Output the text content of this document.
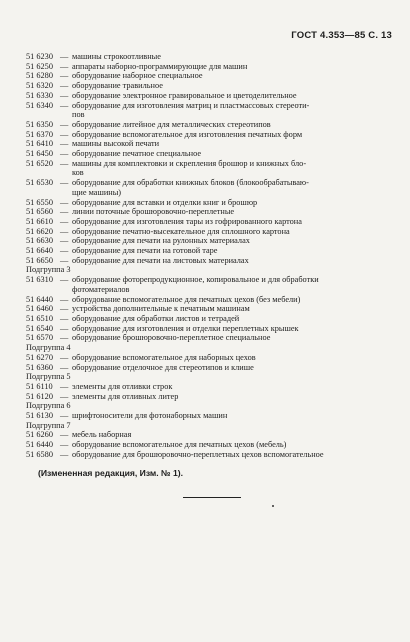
ГОСТ 4.353—85 С. 13
51 6230 — машины строкоотливные
51 6250 — аппараты наборно-программирующие для машин
51 6280 — оборудование наборное специальное
51 6320 — оборудование травильное
51 6330 — оборудование электронное гравировальное и цветоделительное
51 6340 — оборудование для изготовления матриц и пластмассовых стереоти-
пов
51 6350 — оборудование литейное для металлических стереотипов
51 6370 — оборудование вспомогательное для изготовления печатных форм
51 6410 — машины высокой печати
51 6450 — оборудование печатное специальное
51 6520 — машины для комплектовки и скрепления брошюр и книжных бло-
ков
51 6530 — оборудование для обработки книжных блоков (блокообрабатываю-
щие машины)
51 6550 — оборудование для вставки и отделки книг и брошюр
51 6560 — линии поточные брошюровочно-переплетные
51 6610 — оборудование для изготовления тары из гофрированного картона
51 6620 — оборудование печатно-высекательное для сплошного картона
51 6630 — оборудование для печати на рулонных материалах
51 6640 — оборудование для печати на готовой таре
51 6650 — оборудование для печати на листовых материалах
Подгруппа 3
51 6310 — оборудование фоторепродукционное, копировальное и для обработки
фотоматериалов
51 6440 — оборудование вспомогательное для печатных цехов (без мебели)
51 6460 — устройства дополнительные к печатным машинам
51 6510 — оборудование для обработки листов и тетрадей
51 6540 — оборудование для изготовления и отделки переплетных крышек
51 6570 — оборудование брошюровочно-переплетное специальное
Подгруппа 4
51 6270 — оборудование вспомогательное для наборных цехов
51 6360 — оборудование отделочное для стереотипов и клише
Подгруппа 5
51 6110 — элементы для отливки строк
51 6120 — элементы для отливных литер
Подгруппа 6
51 6130 — шрифтоносители для фотонаборных машин
Подгруппа 7
51 6260 — мебель наборная
51 6440 — оборудование вспомогательное для печатных цехов (мебель)
51 6580 — оборудование для брошюровочно-переплетных цехов вспомогательное
(Измененная редакция, Изм. № 1).
